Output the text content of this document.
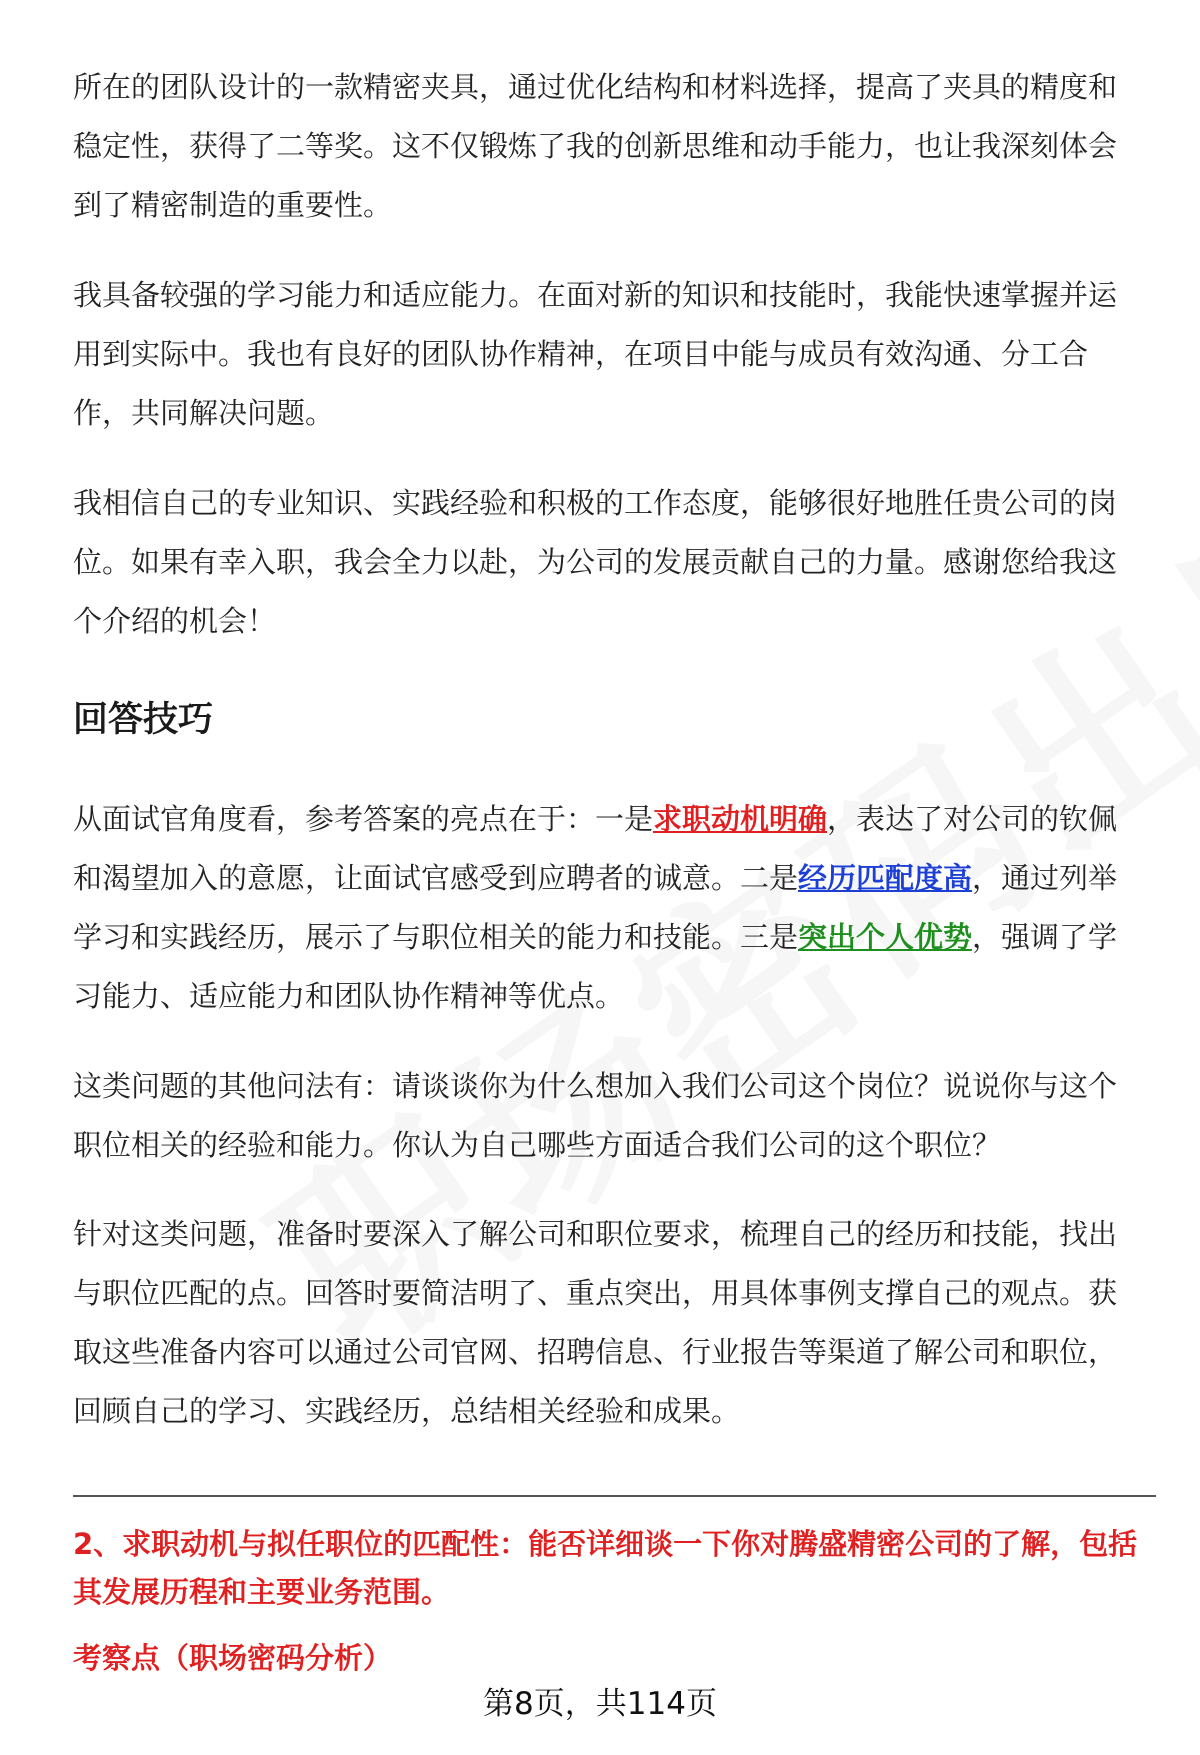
所在的团队设计的一款精密夹具，通过优化结构和材料选择，提高了夹具的精度和稳定性，获得了二等奖。这不仅锻炼了我的创新思维和动手能力，也让我深刻体会到了精密制造的重要性。

我具备较强的学习能力和适应能力。在面对新的知识和技能时，我能快速掌握并运用到实际中。我也有良好的团队协作精神，在项目中能与成员有效沟通、分工合作，共同解决问题。

我相信自己的专业知识、实践经验和积极的工作态度，能够很好地胜任贵公司的岗位。如果有幸入职，我会全力以赴，为公司的发展贡献自己的力量。感谢您给我这个介绍的机会！

回答技巧

从面试官角度看，参考答案的亮点在于：一是求职动机明确，表达了对公司的钦佩和渴望加入的意愿，让面试官感受到应聘者的诚意。二是经历匹配度高，通过列举学习和实践经历，展示了与职位相关的能力和技能。三是突出个人优势，强调了学习能力、适应能力和团队协作精神等优点。

这类问题的其他问法有：请谈谈你为什么想加入我们公司这个岗位？说说你与这个职位相关的经验和能力。你认为自己哪些方面适合我们公司的这个职位？

针对这类问题，准备时要深入了解公司和职位要求，梳理自己的经历和技能，找出与职位匹配的点。回答时要简洁明了、重点突出，用具体事例支撑自己的观点。获取这些准备内容可以通过公司官网、招聘信息、行业报告等渠道了解公司和职位，回顾自己的学习、实践经历，总结相关经验和成果。

2、求职动机与拟任职位的匹配性：能否详细谈一下你对腾盛精密公司的了解，包括其发展历程和主要业务范围。

考察点（职场密码分析）
第8页，共114页
